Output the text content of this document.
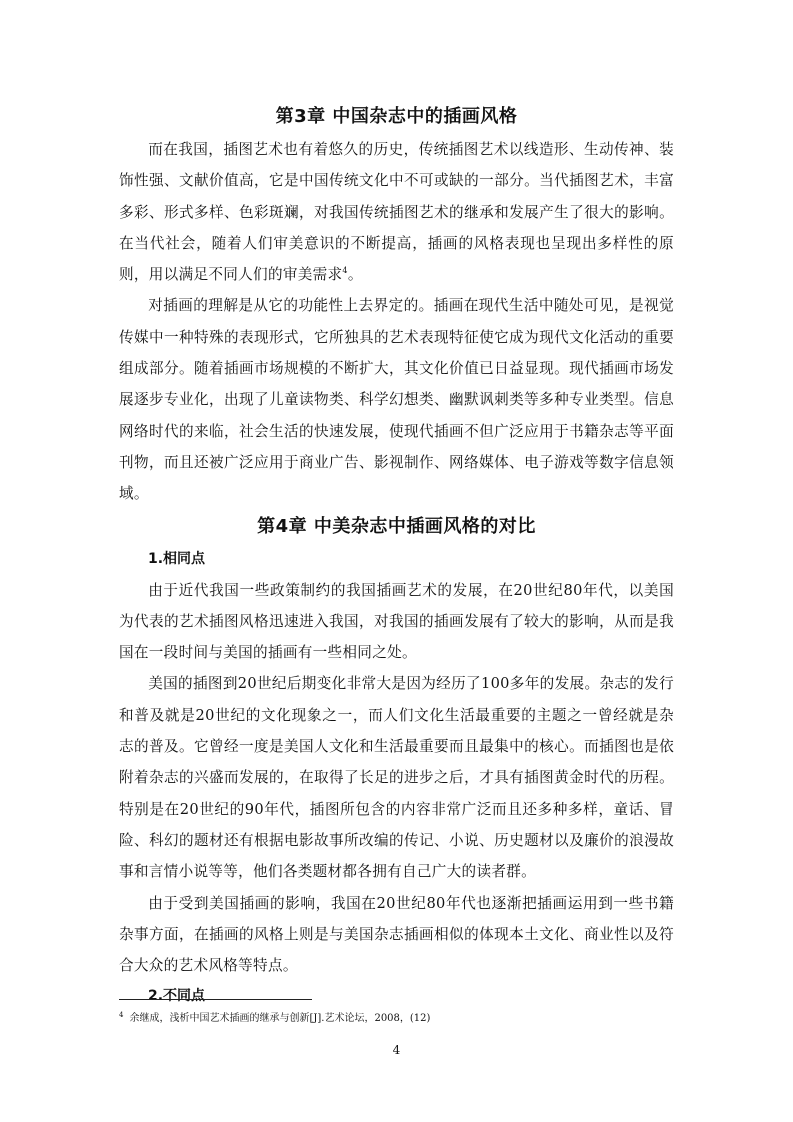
第3章 中国杂志中的插画风格

而在我国，插图艺术也有着悠久的历史，传统插图艺术以线造形、生动传神、装饰性强、文献价值高，它是中国传统文化中不可或缺的一部分。当代插图艺术，丰富多彩、形式多样、色彩斑斓，对我国传统插图艺术的继承和发展产生了很大的影响。在当代社会，随着人们审美意识的不断提高，插画的风格表现也呈现出多样性的原则，用以满足不同人们的审美需求$^4$。

对插画的理解是从它的功能性上去界定的。插画在现代生活中随处可见，是视觉传媒中一种特殊的表现形式，它所独具的艺术表现特征使它成为现代文化活动的重要组成部分。随着插画市场规模的不断扩大，其文化价值已日益显现。现代插画市场发展逐步专业化，出现了儿童读物类、科学幻想类、幽默讽刺类等多种专业类型。信息网络时代的来临，社会生活的快速发展，使现代插画不但广泛应用于书籍杂志等平面刊物，而且还被广泛应用于商业广告、影视制作、网络媒体、电子游戏等数字信息领域。

第4章 中美杂志中插画风格的对比
1.相同点

由于近代我国一些政策制约的我国插画艺术的发展，在20世纪80年代，以美国为代表的艺术插图风格迅速进入我国，对我国的插画发展有了较大的影响，从而是我国在一段时间与美国的插画有一些相同之处。

美国的插图到20世纪后期变化非常大是因为经历了100多年的发展。杂志的发行和普及就是20世纪的文化现象之一，而人们文化生活最重要的主题之一曾经就是杂志的普及。它曾经一度是美国人文化和生活最重要而且最集中的核心。而插图也是依附着杂志的兴盛而发展的，在取得了长足的进步之后，才具有插图黄金时代的历程。特别是在20世纪的90年代，插图所包含的内容非常广泛而且还多种多样，童话、冒险、科幻的题材还有根据电影故事所改编的传记、小说、历史题材以及廉价的浪漫故事和言情小说等等，他们各类题材都各拥有自己广大的读者群。

由于受到美国插画的影响，我国在20世纪80年代也逐渐把插画运用到一些书籍杂事方面，在插画的风格上则是与美国杂志插画相似的体现本土文化、商业性以及符合大众的艺术风格等特点。

2.不同点
$^4$ 余继成，浅析中国艺术插画的继承与创新[J].艺术论坛，2008，(12)
4
